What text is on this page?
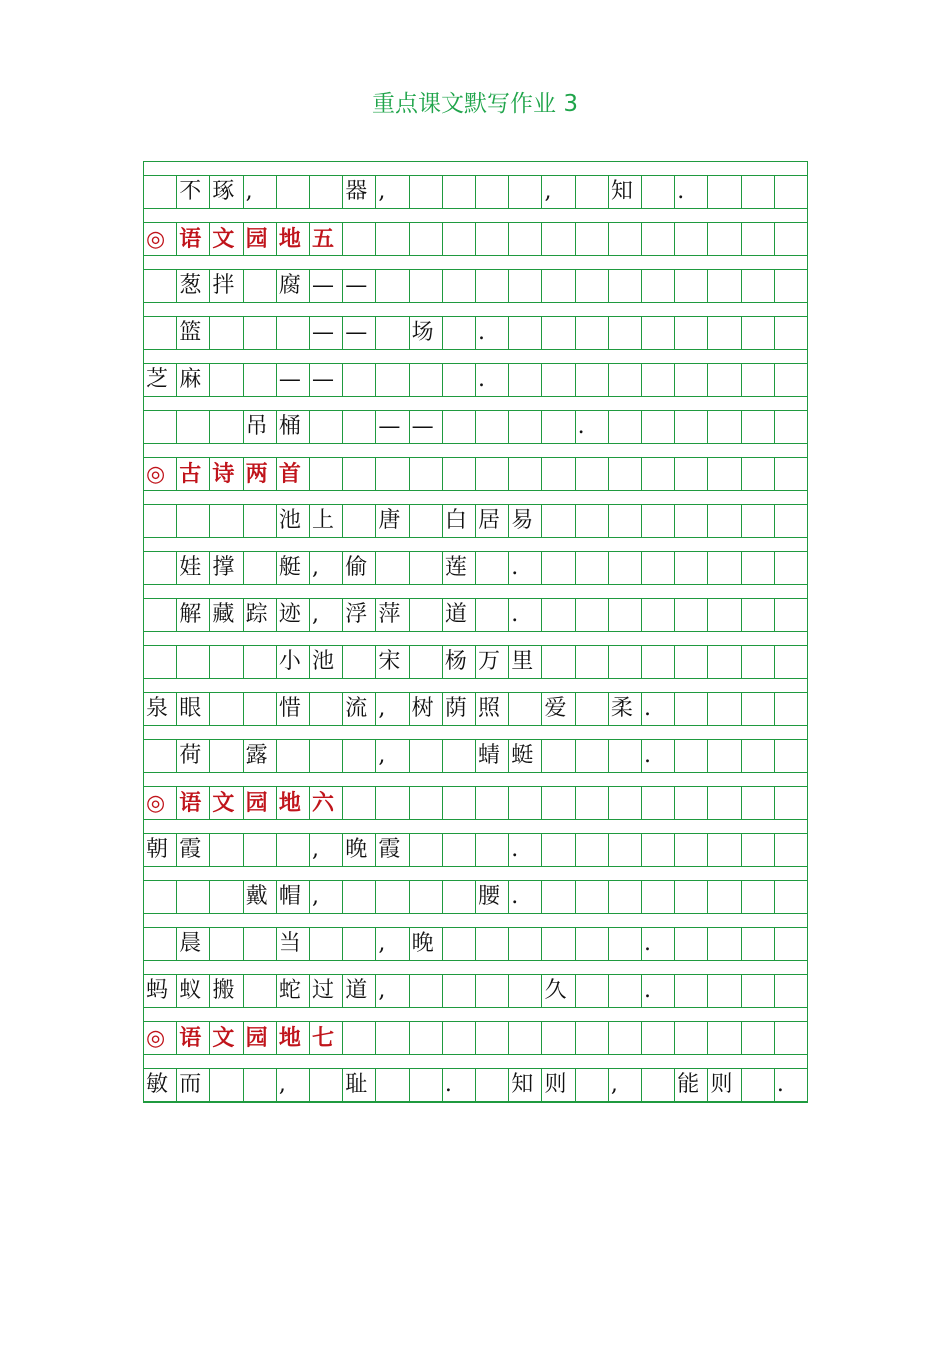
重点课文默写作业 3
不 琢 ,	器 ,	,	知	.
◎ 语 文 园 地 五
葱 拌	腐 — —
篮	— —	场	.
芝 麻	— —	.
吊 桶	— —	.
◎ 古 诗 两 首
池 上	唐	白 居 易
娃 撑	艇 ,	偷	莲	.
解 藏 踪 迹 ,	浮 萍	道	.
小 池	宋	杨 万 里
泉 眼	惜	流 ,	树 荫 照	爱	柔 .
荷	露	,	蜻 蜓	.
◎ 语 文 园 地 六
朝 霞	,	晚 霞	.
戴 帽 ,	腰 .
晨	当	,	晚	.
蚂 蚁 搬	蛇 过 道 ,	久	.
◎ 语 文 园 地 七
敏 而	,	耻	.	知 则	,	能 则	.
